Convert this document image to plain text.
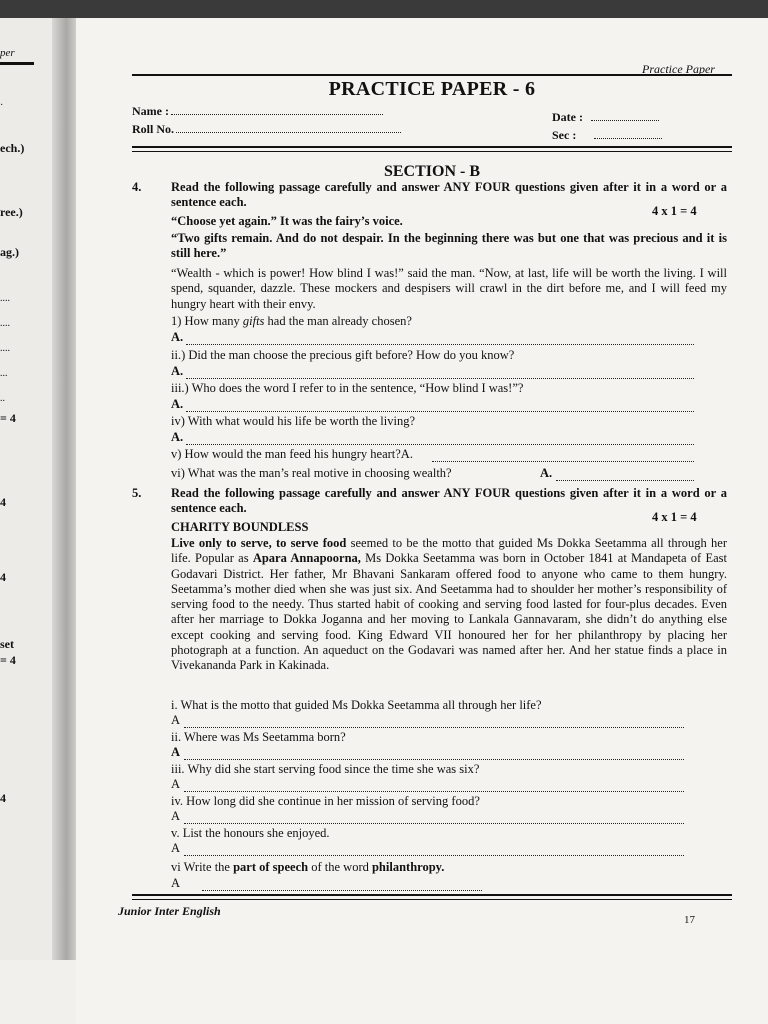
per
·
ech.)
ree.)
ag.)
....
....
....
...
..
= 4
4
4
set
= 4
4
Practice Paper
PRACTICE PAPER - 6
Name :
Roll No.
Date :
Sec :
SECTION - B
4. Read the following passage carefully and answer ANY FOUR questions given after it in a word or a sentence each.
4 x 1 = 4
“Choose yet again.” It was the fairy’s voice.
“Two gifts remain. And do not despair. In the beginning there was but one that was precious and it is still here.”
“Wealth - which is power! How blind I was!” said the man. “Now, at last, life will be worth the living. I will spend, squander, dazzle. These mockers and despisers will crawl in the dirt before me, and I will feed my hungry heart with their envy.
1) How many gifts had the man already chosen?
A.
ii.) Did the man choose the precious gift before? How do you know?
A.
iii.) Who does the word I refer to in the sentence, “How blind I was!”?
A.
iv) With what would his life be worth the living?
A.
v) How would the man feed his hungry heart?A.
vi) What was the man’s real motive in choosing wealth?	A.
5. Read the following passage carefully and answer ANY FOUR questions given after it in a word or a sentence each.
4 x 1 = 4
CHARITY BOUNDLESS
Live only to serve, to serve food seemed to be the motto that guided Ms Dokka Seetamma all through her life. Popular as Apara Annapoorna, Ms Dokka Seetamma was born in October 1841 at Mandapeta of East Godavari District. Her father, Mr Bhavani Sankaram offered food to anyone who came to them hungry. Seetamma’s mother died when she was just six. And Seetamma had to shoulder her mother’s responsibility of serving food to the needy. Thus started habit of cooking and serving food lasted for four-plus decades. Even after her marriage to Dokka Joganna and her moving to Lankala Gannavaram, she didn’t do anything else except cooking and serving food. King Edward VII honoured her for her philanthropy by placing her photograph at a function. An aqueduct on the Godavari was named after her. And her statue finds a place in Vivekananda Park in Kakinada.
i. What is the motto that guided Ms Dokka Seetamma all through her life?
A
ii. Where was Ms Seetamma born?
A
iii. Why did she start serving food since the time she was six?
A
iv. How long did she continue in her mission of serving food?
A
v. List the honours she enjoyed.
A
vi Write the part of speech of the word philanthropy.
A
Junior Inter English
17
